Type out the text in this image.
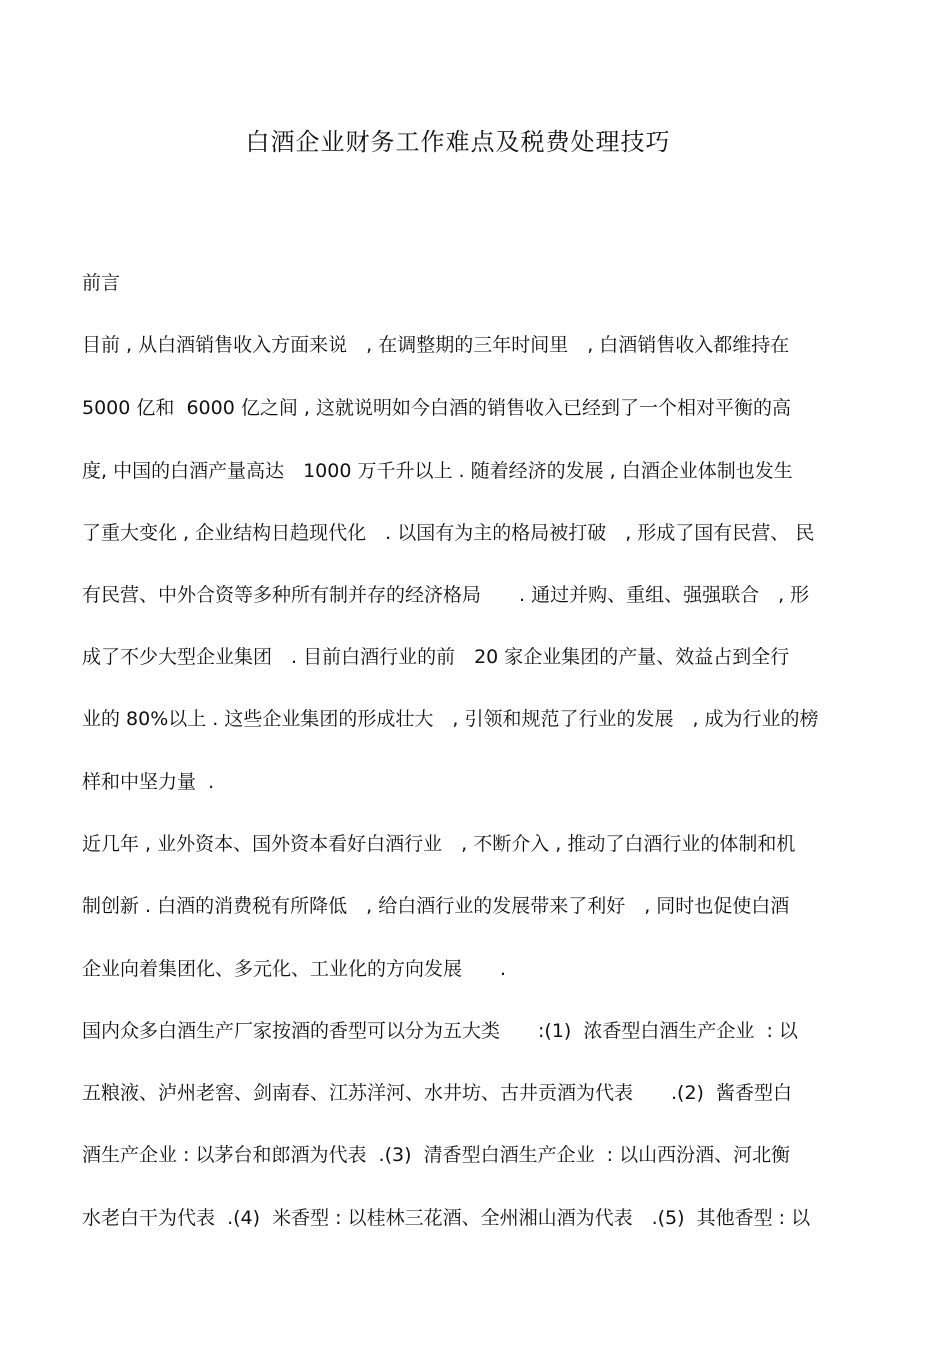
白酒企业财务工作难点及税费处理技巧
前言
目前 , 从白酒销售收入方面来说　, 在调整期的三年时间里　, 白酒销售收入都维持在
5000 亿和  6000 亿之间 , 这就说明如今白酒的销售收入已经到了一个相对平衡的高
度, 中国的白酒产量高达　1000 万千升以上 . 随着经济的发展 , 白酒企业体制也发生
了重大变化 , 企业结构日趋现代化　. 以国有为主的格局被打破　, 形成了国有民营、 民
有民营、中外合资等多种所有制并存的经济格局　　. 通过并购、重组、强强联合　, 形
成了不少大型企业集团　. 目前白酒行业的前　20 家企业集团的产量、效益占到全行
业的 80%以上 . 这些企业集团的形成壮大　, 引领和规范了行业的发展　, 成为行业的榜
样和中坚力量  .
近几年 , 业外资本、国外资本看好白酒行业　, 不断介入 , 推动了白酒行业的体制和机
制创新 . 白酒的消费税有所降低　, 给白酒行业的发展带来了利好　, 同时也促使白酒
企业向着集团化、多元化、工业化的方向发展　　.
国内众多白酒生产厂家按酒的香型可以分为五大类　　:(1)  浓香型白酒生产企业  : 以
五粮液、泸州老窖、剑南春、江苏洋河、水井坊、古井贡酒为代表　　.(2)  酱香型白
酒生产企业 : 以茅台和郎酒为代表  .(3)  清香型白酒生产企业  : 以山西汾酒、河北衡
水老白干为代表  .(4)  米香型 : 以桂林三花酒、全州湘山酒为代表　.(5)  其他香型 : 以
